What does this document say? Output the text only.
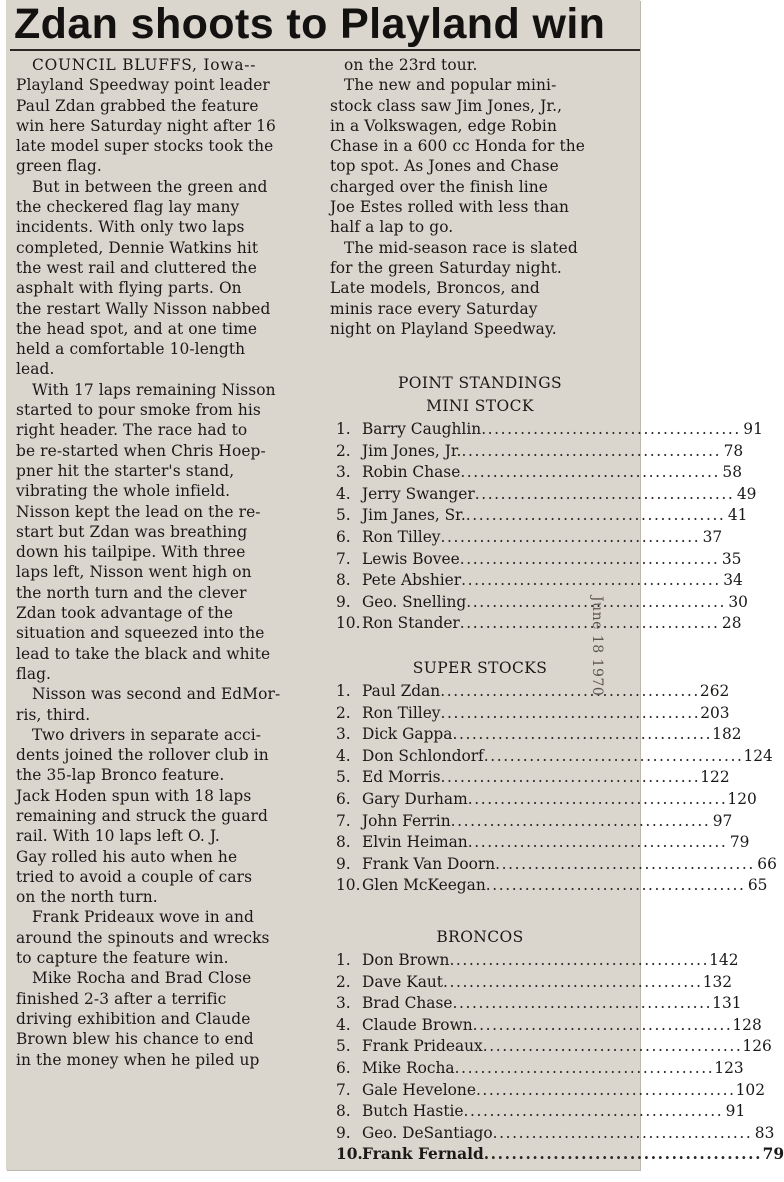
Zdan shoots to Playland win
COUNCIL BLUFFS, Iowa--
Playland Speedway point leader
Paul Zdan grabbed the feature
win here Saturday night after 16
late model super stocks took the
green flag.
But in between the green and
the checkered flag lay many
incidents. With only two laps
completed, Dennie Watkins hit
the west rail and cluttered the
asphalt with flying parts. On
the restart Wally Nisson nabbed
the head spot, and at one time
held a comfortable 10-length
lead.
With 17 laps remaining Nisson
started to pour smoke from his
right header. The race had to
be re-started when Chris Hoep-
pner hit the starter's stand,
vibrating the whole infield.
Nisson kept the lead on the re-
start but Zdan was breathing
down his tailpipe. With three
laps left, Nisson went high on
the north turn and the clever
Zdan took advantage of the
situation and squeezed into the
lead to take the black and white
flag.
Nisson was second and EdMor-
ris, third.
Two drivers in separate acci-
dents joined the rollover club in
the 35-lap Bronco feature.
Jack Hoden spun with 18 laps
remaining and struck the guard
rail. With 10 laps left O. J.
Gay rolled his auto when he
tried to avoid a couple of cars
on the north turn.
Frank Prideaux wove in and
around the spinouts and wrecks
to capture the feature win.
Mike Rocha and Brad Close
finished 2-3 after a terrific
driving exhibition and Claude
Brown blew his chance to end
in the money when he piled up
on the 23rd tour.
The new and popular mini-
stock class saw Jim Jones, Jr.,
in a Volkswagen, edge Robin
Chase in a 600 cc Honda for the
top spot. As Jones and Chase
charged over the finish line
Joe Estes rolled with less than
half a lap to go.
The mid-season race is slated
for the green Saturday night.
Late models, Broncos, and
minis race every Saturday
night on Playland Speedway.
POINT STANDINGS
MINI STOCK
1. Barry Caughlin ........................................ 91
2. Jim Jones, Jr. ........................................ 78
3. Robin Chase ........................................ 58
4. Jerry Swanger ........................................ 49
5. Jim Janes, Sr. ........................................ 41
6. Ron Tilley ........................................ 37
7. Lewis Bovee ........................................ 35
8. Pete Abshier ........................................ 34
9. Geo. Snelling ........................................ 30
10. Ron Stander ........................................ 28
SUPER STOCKS
1. Paul Zdan ........................................ 262
2. Ron Tilley ........................................ 203
3. Dick Gappa ........................................ 182
4. Don Schlondorf ........................................ 124
5. Ed Morris ........................................ 122
6. Gary Durham ........................................ 120
7. John Ferrin ........................................ 97
8. Elvin Heiman ........................................ 79
9. Frank Van Doorn ........................................ 66
10. Glen McKeegan ........................................ 65
BRONCOS
1. Don Brown ........................................ 142
2. Dave Kaut ........................................ 132
3. Brad Chase ........................................ 131
4. Claude Brown ........................................ 128
5. Frank Prideaux ........................................ 126
6. Mike Rocha ........................................ 123
7. Gale Hevelone ........................................ 102
8. Butch Hastie ........................................ 91
9. Geo. DeSantiago ........................................ 83
10. Frank Fernald ........................................ 79
June 18 1970
